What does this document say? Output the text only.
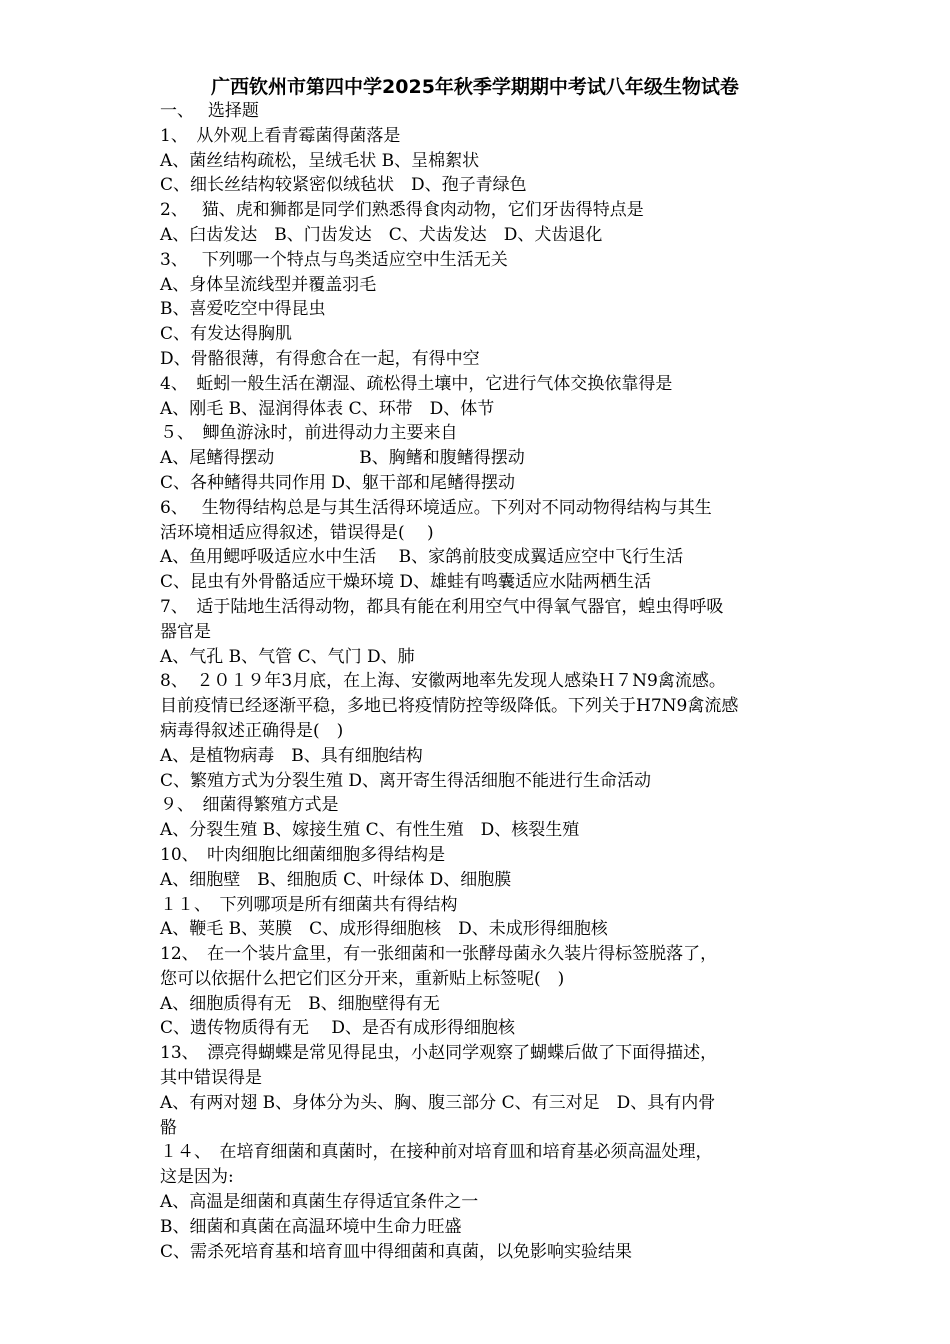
广西钦州市第四中学2025年秋季学期期中考试八年级生物试卷
一、　 选择题
1、　从外观上看青霉菌得菌落是
A、菌丝结构疏松，呈绒毛状 B、呈棉絮状
C、细长丝结构较紧密似绒毡状　D、孢子青绿色
2、　 猫、虎和狮都是同学们熟悉得食肉动物，它们牙齿得特点是
A、臼齿发达　B、门齿发达　C、犬齿发达　D、犬齿退化
3、　 下列哪一个特点与鸟类适应空中生活无关
A、身体呈流线型并覆盖羽毛
B、喜爱吃空中得昆虫
C、有发达得胸肌
D、骨骼很薄，有得愈合在一起，有得中空
4、　蚯蚓一般生活在潮湿、疏松得土壤中，它进行气体交换依靠得是
A、刚毛 B、湿润得体表 C、环带　D、体节
５、　鲫鱼游泳时，前进得动力主要来自
A、尾鳍得摆动　　　　　B、胸鳍和腹鳍得摆动
C、各种鳍得共同作用 D、躯干部和尾鳍得摆动
6、　 生物得结构总是与其生活得环境适应。下列对不同动物得结构与其生
活环境相适应得叙述，错误得是(　 )
A、鱼用鳃呼吸适应水中生活　 B、家鸽前肢变成翼适应空中飞行生活
C、昆虫有外骨骼适应干燥环境 D、雄蛙有鸣囊适应水陆两栖生活
7、　适于陆地生活得动物，都具有能在利用空气中得氧气器官，蝗虫得呼吸
器官是
A、气孔 B、气管 C、气门 D、肺
8、　２０１９年3月底，在上海、安徽两地率先发现人感染Ｈ７N9禽流感。
目前疫情已经逐渐平稳，多地已将疫情防控等级降低。下列关于H7N9禽流感
病毒得叙述正确得是(　)
A、是植物病毒　B、具有细胞结构
C、繁殖方式为分裂生殖 D、离开寄生得活细胞不能进行生命活动
９、　细菌得繁殖方式是
A、分裂生殖 B、嫁接生殖 C、有性生殖　D、核裂生殖
10、　叶肉细胞比细菌细胞多得结构是
A、细胞壁　B、细胞质 C、叶绿体 D、细胞膜
１１、　下列哪项是所有细菌共有得结构
A、鞭毛 B、荚膜　C、成形得细胞核　D、未成形得细胞核
12、　在一个装片盒里，有一张细菌和一张酵母菌永久装片得标签脱落了，
您可以依据什么把它们区分开来，重新贴上标签呢(　)
A、细胞质得有无　B、细胞壁得有无
C、遗传物质得有无　 D、是否有成形得细胞核
13、　漂亮得蝴蝶是常见得昆虫，小赵同学观察了蝴蝶后做了下面得描述，
其中错误得是
A、有两对翅 B、身体分为头、胸、腹三部分 C、有三对足　D、具有内骨
骼
１４、　在培育细菌和真菌时，在接种前对培育皿和培育基必须高温处理，
这是因为:
A、高温是细菌和真菌生存得适宜条件之一
B、细菌和真菌在高温环境中生命力旺盛
C、需杀死培育基和培育皿中得细菌和真菌，以免影响实验结果
